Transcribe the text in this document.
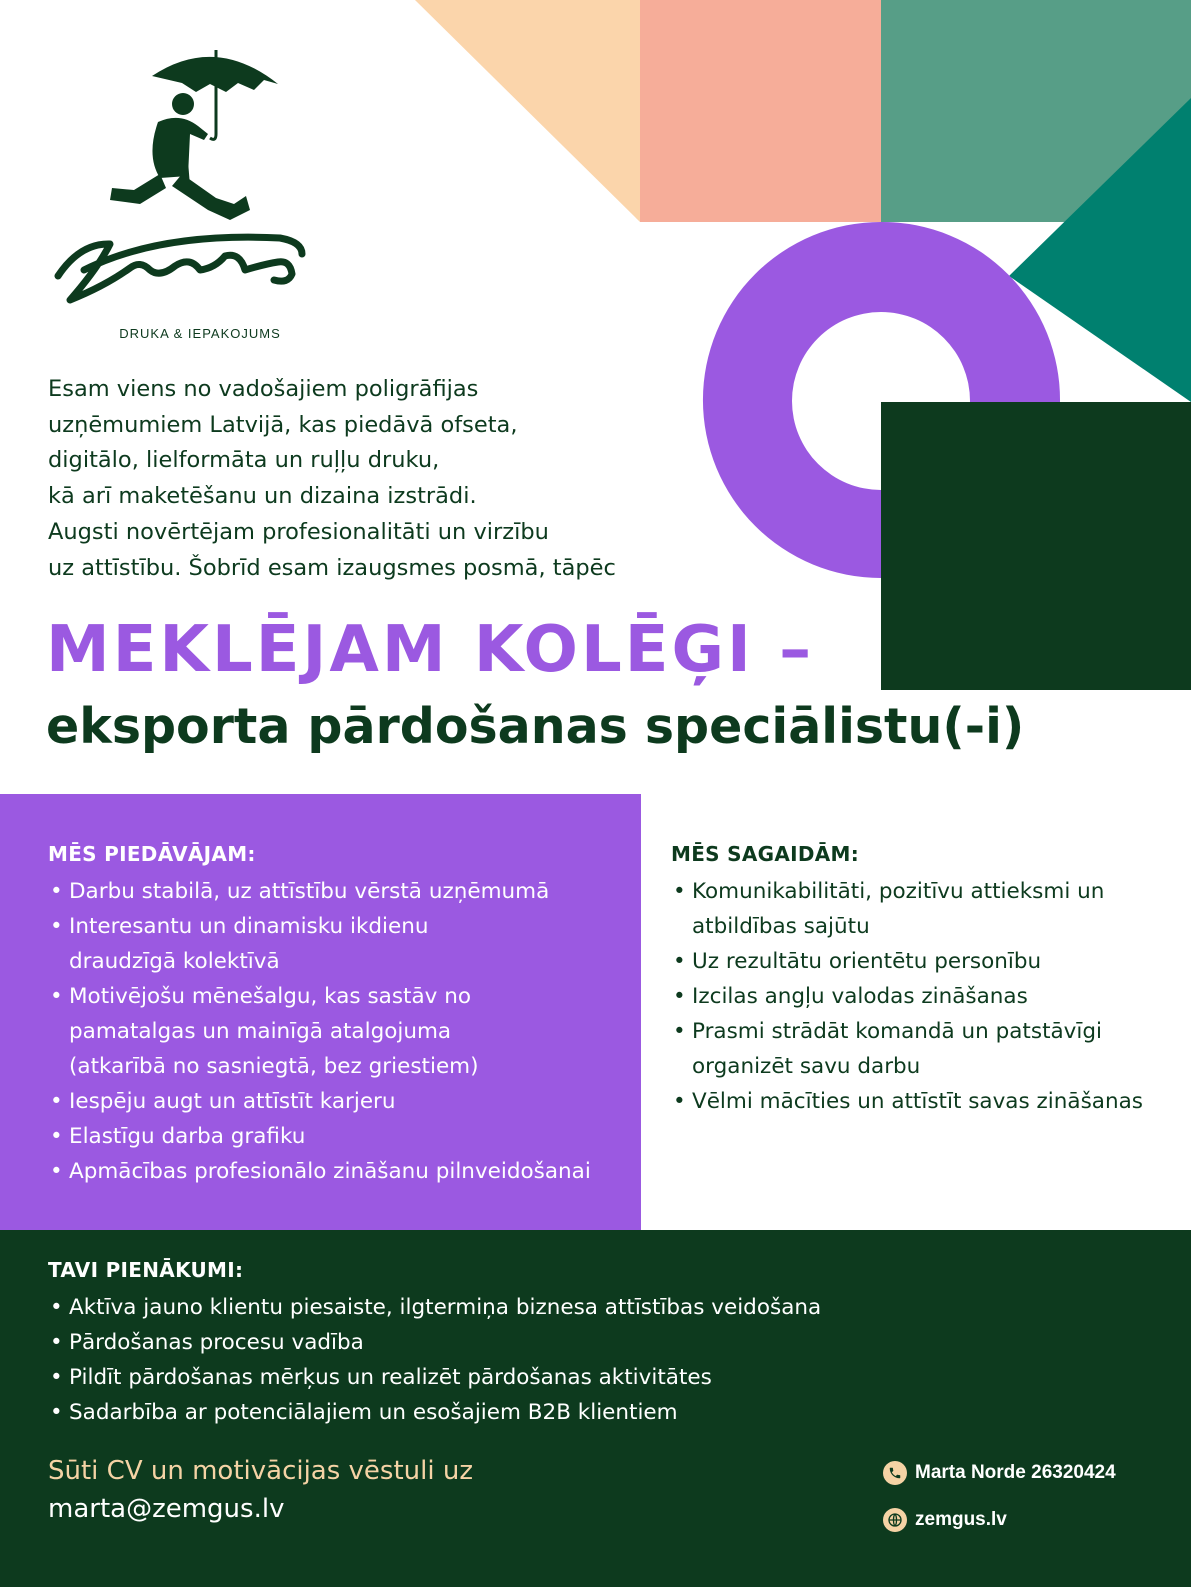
DRUKA & IEPAKOJUMS
Esam viens no vadošajiem poligrāfijas
uzņēmumiem Latvijā, kas piedāvā ofseta,
digitālo, lielformāta un ruļļu druku,
kā arī maketēšanu un dizaina izstrādi.
Augsti novērtējam profesionalitāti un virzību
uz attīstību. Šobrīd esam izaugsmes posmā, tāpēc
MEKLĒJAM KOLĒĢI –
eksporta pārdošanas speciālistu(-i)
MĒS PIEDĀVĀJAM:
• Darbu stabilā, uz attīstību vērstā uzņēmumā
• Interesantu un dinamisku ikdienu
draudzīgā kolektīvā
• Motivējošu mēnešalgu, kas sastāv no
pamatalgas un mainīgā atalgojuma
(atkarībā no sasniegtā, bez griestiem)
• Iespēju augt un attīstīt karjeru
• Elastīgu darba grafiku
• Apmācības profesionālo zināšanu pilnveidošanai
MĒS SAGAIDĀM:
• Komunikabilitāti, pozitīvu attieksmi un
atbildības sajūtu
• Uz rezultātu orientētu personību
• Izcilas angļu valodas zināšanas
• Prasmi strādāt komandā un patstāvīgi
organizēt savu darbu
• Vēlmi mācīties un attīstīt savas zināšanas
TAVI PIENĀKUMI:
• Aktīva jauno klientu piesaiste, ilgtermiņa biznesa attīstības veidošana
• Pārdošanas procesu vadība
• Pildīt pārdošanas mērķus un realizēt pārdošanas aktivitātes
• Sadarbība ar potenciālajiem un esošajiem B2B klientiem
Sūti CV un motivācijas vēstuli uz
marta@zemgus.lv
Marta Norde 26320424
zemgus.lv
